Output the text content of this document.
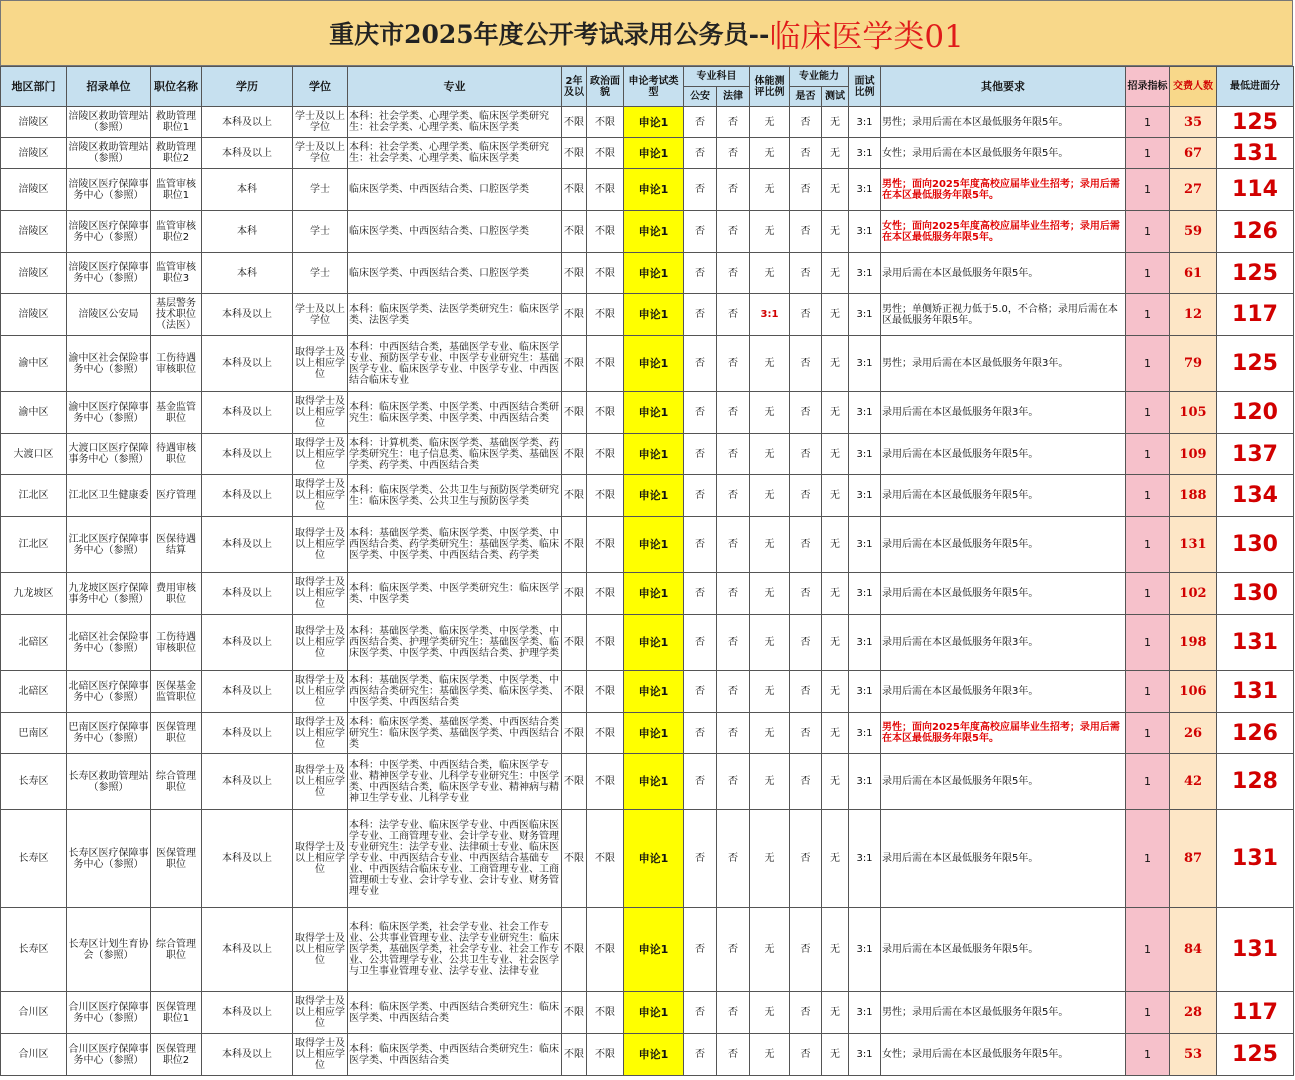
重庆市2025年度公开考试录用公务员-- 临床医学类01
地区部门	招录单位	职位名称	学历	学位	专业	2年及以	政治面貌	申论考试类型	专业科目		体能测评比例	专业能力		面试比例	其他要求	招录指标	交费人数	最低进面分
									公安	法律		是否	测试					
涪陵区	涪陵区救助管理站（参照）	救助管理职位1	本科及以上	学士及以上学位	本科：社会学类、心理学类、临床医学类研究生：社会学类、心理学类、临床医学类	不限	不限	申论1	否	否	无	否	无	3:1	男性；录用后需在本区最低服务年限5年。	1	35	125
涪陵区	涪陵区救助管理站（参照）	救助管理职位2	本科及以上	学士及以上学位	本科：社会学类、心理学类、临床医学类研究生：社会学类、心理学类、临床医学类	不限	不限	申论1	否	否	无	否	无	3:1	女性；录用后需在本区最低服务年限5年。	1	67	131
涪陵区	涪陵区医疗保障事务中心（参照）	监管审核职位1	本科	学士	临床医学类、中西医结合类、口腔医学类	不限	不限	申论1	否	否	无	否	无	3:1	男性；面向2025年度高校应届毕业生招考；录用后需在本区最低服务年限5年。	1	27	114
涪陵区	涪陵区医疗保障事务中心（参照）	监管审核职位2	本科	学士	临床医学类、中西医结合类、口腔医学类	不限	不限	申论1	否	否	无	否	无	3:1	女性；面向2025年度高校应届毕业生招考；录用后需在本区最低服务年限5年。	1	59	126
涪陵区	涪陵区医疗保障事务中心（参照）	监管审核职位3	本科	学士	临床医学类、中西医结合类、口腔医学类	不限	不限	申论1	否	否	无	否	无	3:1	录用后需在本区最低服务年限5年。	1	61	125
涪陵区	涪陵区公安局	基层警务技术职位（法医）	本科及以上	学士及以上学位	本科：临床医学类、法医学类研究生：临床医学类、法医学类	不限	不限	申论1	否	否	3:1	否	无	3:1	男性；单侧矫正视力低于5.0，不合格；录用后需在本区最低服务年限5年。	1	12	117
渝中区	渝中区社会保险事务中心（参照）	工伤待遇审核职位	本科及以上	取得学士及以上相应学位	本科：中西医结合类，基础医学专业、临床医学专业、预防医学专业、中医学专业研究生：基础医学专业、临床医学专业、中医学专业、中西医结合临床专业	不限	不限	申论1	否	否	无	否	无	3:1	男性；录用后需在本区最低服务年限3年。	1	79	125
渝中区	渝中区医疗保障事务中心（参照）	基金监管职位	本科及以上	取得学士及以上相应学位	本科：临床医学类、中医学类、中西医结合类研究生：临床医学类、中医学类、中西医结合类	不限	不限	申论1	否	否	无	否	无	3:1	录用后需在本区最低服务年限3年。	1	105	120
大渡口区	大渡口区医疗保障事务中心（参照）	待遇审核职位	本科及以上	取得学士及以上相应学位	本科：计算机类、临床医学类、基础医学类、药学类研究生：电子信息类、临床医学类、基础医学类、药学类、中西医结合类	不限	不限	申论1	否	否	无	否	无	3:1	录用后需在本区最低服务年限5年。	1	109	137
江北区	江北区卫生健康委	医疗管理	本科及以上	取得学士及以上相应学位	本科：临床医学类、公共卫生与预防医学类研究生：临床医学类、公共卫生与预防医学类	不限	不限	申论1	否	否	无	否	无	3:1	录用后需在本区最低服务年限5年。	1	188	134
江北区	江北区医疗保障事务中心（参照）	医保待遇结算	本科及以上	取得学士及以上相应学位	本科：基础医学类、临床医学类、中医学类、中西医结合类、药学类研究生：基础医学类、临床医学类、中医学类、中西医结合类、药学类	不限	不限	申论1	否	否	无	否	无	3:1	录用后需在本区最低服务年限5年。	1	131	130
九龙坡区	九龙坡区医疗保障事务中心（参照）	费用审核职位	本科及以上	取得学士及以上相应学位	本科：临床医学类、中医学类研究生：临床医学类、中医学类	不限	不限	申论1	否	否	无	否	无	3:1	录用后需在本区最低服务年限5年。	1	102	130
北碚区	北碚区社会保险事务中心（参照）	工伤待遇审核职位	本科及以上	取得学士及以上相应学位	本科：基础医学类、临床医学类、中医学类、中西医结合类、护理学类研究生：基础医学类、临床医学类、中医学类、中西医结合类、护理学类	不限	不限	申论1	否	否	无	否	无	3:1	录用后需在本区最低服务年限3年。	1	198	131
北碚区	北碚区医疗保障事务中心（参照）	医保基金监管职位	本科及以上	取得学士及以上相应学位	本科：基础医学类、临床医学类、中医学类、中西医结合类研究生：基础医学类、临床医学类、中医学类、中西医结合类	不限	不限	申论1	否	否	无	否	无	3:1	录用后需在本区最低服务年限3年。	1	106	131
巴南区	巴南区医疗保障事务中心（参照）	医保管理职位	本科及以上	取得学士及以上相应学位	本科：临床医学类、基础医学类、中西医结合类研究生：临床医学类、基础医学类、中西医结合类	不限	不限	申论1	否	否	无	否	无	3:1	男性；面向2025年度高校应届毕业生招考；录用后需在本区最低服务年限5年。	1	26	126
长寿区	长寿区救助管理站（参照）	综合管理职位	本科及以上	取得学士及以上相应学位	本科：中医学类、中西医结合类，临床医学专业、精神医学专业、儿科学专业研究生：中医学类、中西医结合类，临床医学专业、精神病与精神卫生学专业、儿科学专业	不限	不限	申论1	否	否	无	否	无	3:1	录用后需在本区最低服务年限5年。	1	42	128
长寿区	长寿区医疗保障事务中心（参照）	医保管理职位	本科及以上	取得学士及以上相应学位	本科：法学专业、临床医学专业、中西医临床医学专业、工商管理专业、会计学专业、财务管理专业研究生：法学专业、法律硕士专业、临床医学专业、中西医结合专业、中西医结合基础专业、中西医结合临床专业、工商管理专业、工商管理硕士专业、会计学专业、会计专业、财务管理专业	不限	不限	申论1	否	否	无	否	无	3:1	录用后需在本区最低服务年限5年。	1	87	131
长寿区	长寿区计划生育协会（参照）	综合管理职位	本科及以上	取得学士及以上相应学位	本科：临床医学类，社会学专业、社会工作专业、公共事业管理专业、法学专业研究生：临床医学类，基础医学类，社会学专业、社会工作专业、公共管理学专业、公共卫生专业、社会医学与卫生事业管理专业、法学专业、法律专业	不限	不限	申论1	否	否	无	否	无	3:1	录用后需在本区最低服务年限5年。	1	84	131
合川区	合川区医疗保障事务中心（参照）	医保管理职位1	本科及以上	取得学士及以上相应学位	本科：临床医学类、中西医结合类研究生：临床医学类、中西医结合类	不限	不限	申论1	否	否	无	否	无	3:1	男性；录用后需在本区最低服务年限5年。	1	28	117
合川区	合川区医疗保障事务中心（参照）	医保管理职位2	本科及以上	取得学士及以上相应学位	本科：临床医学类、中西医结合类研究生：临床医学类、中西医结合类	不限	不限	申论1	否	否	无	否	无	3:1	女性；录用后需在本区最低服务年限5年。	1	53	125
